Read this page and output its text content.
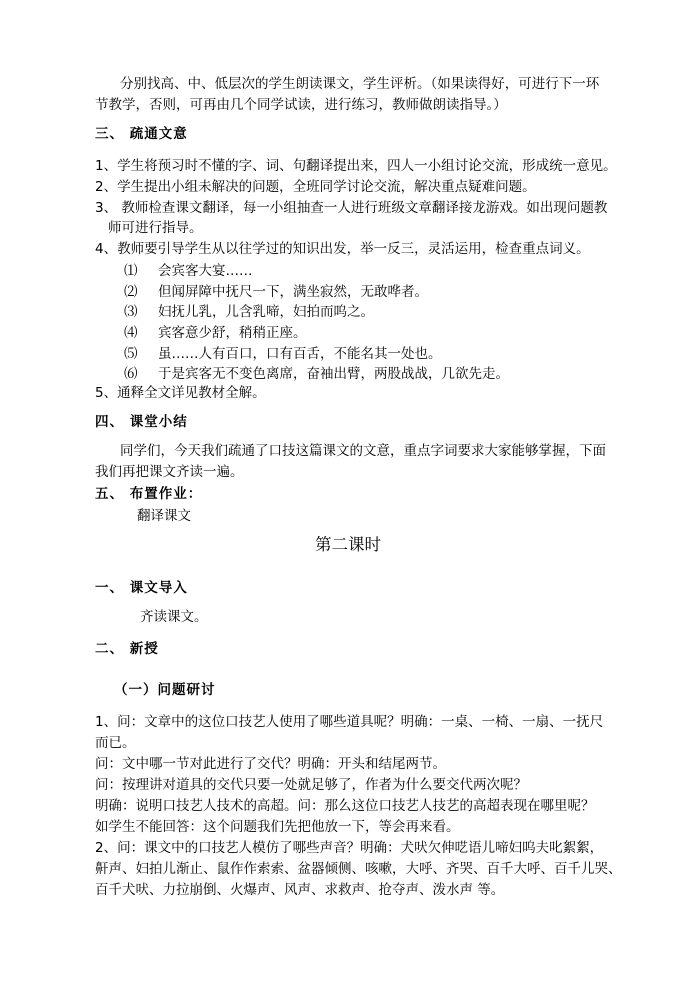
分别找高、中、低层次的学生朗读课文，学生评析。（如果读得好，可进行下一环
节教学，否则，可再由几个同学试读，进行练习，教师做朗读指导。）
三、 疏通文意
1、学生将预习时不懂的字、词、句翻译提出来，四人一小组讨论交流，形成统一意见。
2、学生提出小组未解决的问题，全班同学讨论交流，解决重点疑难问题。
3、 教师检查课文翻译，每一小组抽查一人进行班级文章翻译接龙游戏。如出现问题教
师可进行指导。
4、教师要引导学生从以往学过的知识出发，举一反三，灵活运用，检查重点词义。
⑴ 会宾客大宴……
⑵ 但闻屏障中抚尺一下，满坐寂然，无敢哗者。
⑶ 妇抚儿乳，儿含乳啼，妇拍而呜之。
⑷ 宾客意少舒，稍稍正座。
⑸ 虽……人有百口，口有百舌，不能名其一处也。
⑹ 于是宾客无不变色离席，奋袖出臂，两股战战，几欲先走。
5、通释全文详见教材全解。
四、 课堂小结
同学们，今天我们疏通了口技这篇课文的文意，重点字词要求大家能够掌握，下面
我们再把课文齐读一遍。
五、 布置作业：
翻译课文
第二课时
一、 课文导入
齐读课文。
二、 新授
（一）问题研讨
1、问：文章中的这位口技艺人使用了哪些道具呢？明确：一桌、一椅、一扇、一抚尺
而已。
问：文中哪一节对此进行了交代？明确：开头和结尾两节。
问：按理讲对道具的交代只要一处就足够了，作者为什么要交代两次呢？
明确：说明口技艺人技术的高超。问：那么这位口技艺人技艺的高超表现在哪里呢？
如学生不能回答：这个问题我们先把他放一下，等会再来看。
2、问：课文中的口技艺人模仿了哪些声音？明确：犬吠欠伸呓语儿啼妇呜夫叱絮絮，
鼾声、妇拍儿渐止、鼠作作索索、盆器倾侧、咳嗽，大呼、齐哭、百千大呼、百千儿哭、
百千犬吠、力拉崩倒、火爆声、风声、求救声、抢夺声、泼水声 等。
